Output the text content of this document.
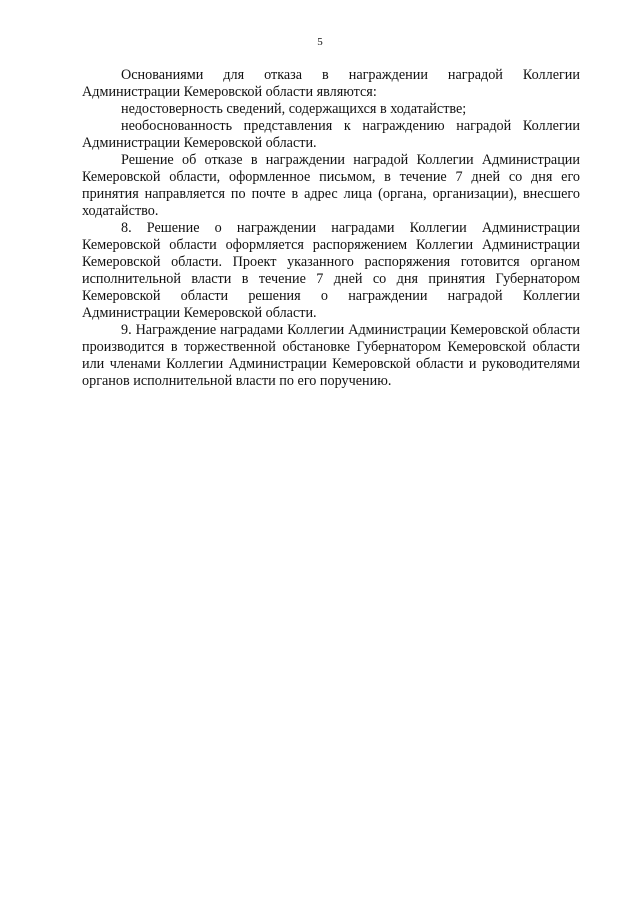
5

Основаниями для отказа в награждении наградой Коллегии Администрации Кемеровской области являются:

недостоверность сведений, содержащихся в ходатайстве;

необоснованность представления к награждению наградой Коллегии Администрации Кемеровской области.

Решение об отказе в награждении наградой Коллегии Администрации Кемеровской области, оформленное письмом, в течение 7 дней со дня его принятия направляется по почте в адрес лица (органа, организации), внесшего ходатайство.

8. Решение о награждении наградами Коллегии Администрации Кемеровской области оформляется распоряжением Коллегии Администрации Кемеровской области. Проект указанного распоряжения готовится органом исполнительной власти в течение 7 дней со дня принятия Губернатором Кемеровской области решения о награждении наградой Коллегии Администрации Кемеровской области.

9. Награждение наградами Коллегии Администрации Кемеровской области производится в торжественной обстановке Губернатором Кемеровской области или членами Коллегии Администрации Кемеровской области и руководителями органов исполнительной власти по его поручению.
